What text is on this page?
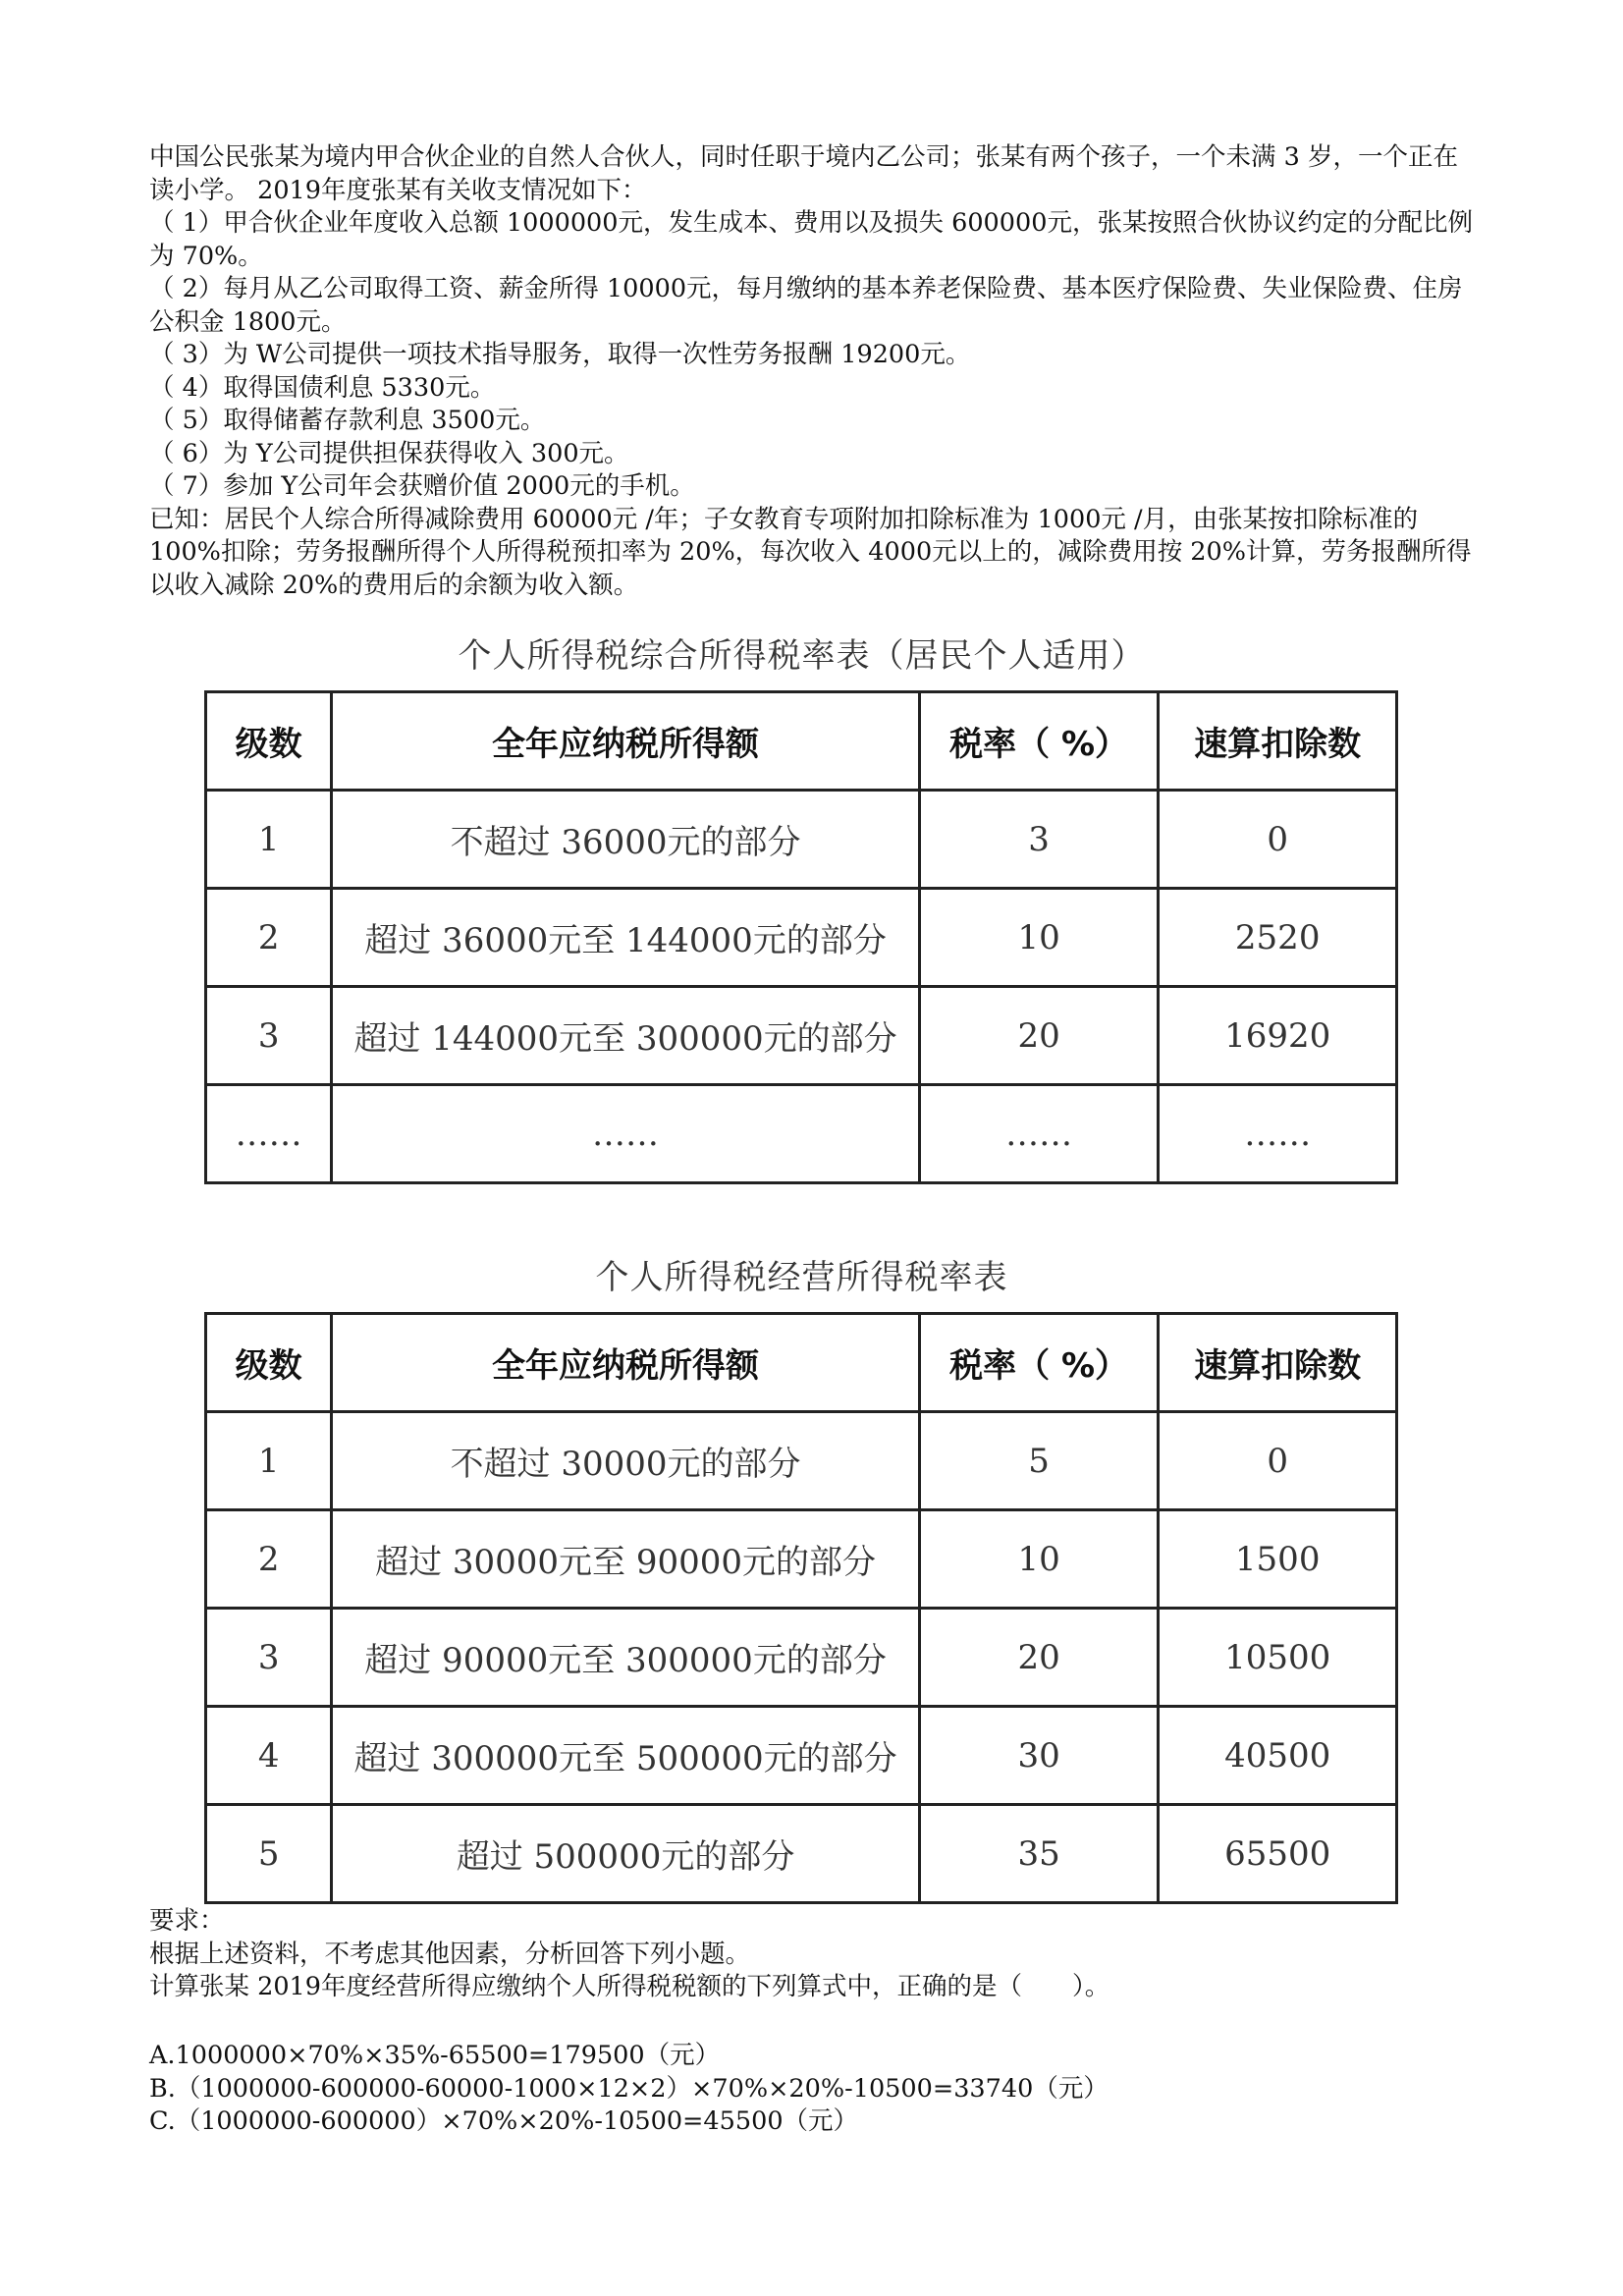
中国公民张某为境内甲合伙企业的自然人合伙人，同时任职于境内乙公司；张某有两个孩子，一个未满 3 岁，一个正在读小学。 2019年度张某有关收支情况如下：

（ 1）甲合伙企业年度收入总额 1000000元，发生成本、费用以及损失 600000元，张某按照合伙协议约定的分配比例为 70%。

（ 2）每月从乙公司取得工资、薪金所得 10000元，每月缴纳的基本养老保险费、基本医疗保险费、失业保险费、住房公积金 1800元。

（ 3）为 W公司提供一项技术指导服务，取得一次性劳务报酬 19200元。

（ 4）取得国债利息 5330元。

（ 5）取得储蓄存款利息 3500元。

（ 6）为 Y公司提供担保获得收入 300元。

（ 7）参加 Y公司年会获赠价值 2000元的手机。

已知：居民个人综合所得减除费用 60000元 /年；子女教育专项附加扣除标准为 1000元 /月，由张某按扣除标准的 100%扣除；劳务报酬所得个人所得税预扣率为 20%，每次收入 4000元以上的，减除费用按 20%计算，劳务报酬所得以收入减除 20%的费用后的余额为收入额。

个人所得税综合所得税率表（居民个人适用）
级数	全年应纳税所得额	税率（ %）	速算扣除数
1	不超过 36000元的部分	3	0
2	超过 36000元至 144000元的部分	10	2520
3	超过 144000元至 300000元的部分	20	16920
……	……	……	……
个人所得税经营所得税率表
级数	全年应纳税所得额	税率（ %）	速算扣除数
1	不超过 30000元的部分	5	0
2	超过 30000元至 90000元的部分	10	1500
3	超过 90000元至 300000元的部分	20	10500
4	超过 300000元至 500000元的部分	30	40500
5	超过 500000元的部分	35	65500

要求：

根据上述资料，不考虑其他因素，分析回答下列小题。

计算张某 2019年度经营所得应缴纳个人所得税税额的下列算式中，正确的是（　　）。

A.1000000×70%×35%-65500=179500（元）

B.（1000000-600000-60000-1000×12×2）×70%×20%-10500=33740（元）

C.（1000000-600000）×70%×20%-10500=45500（元）
